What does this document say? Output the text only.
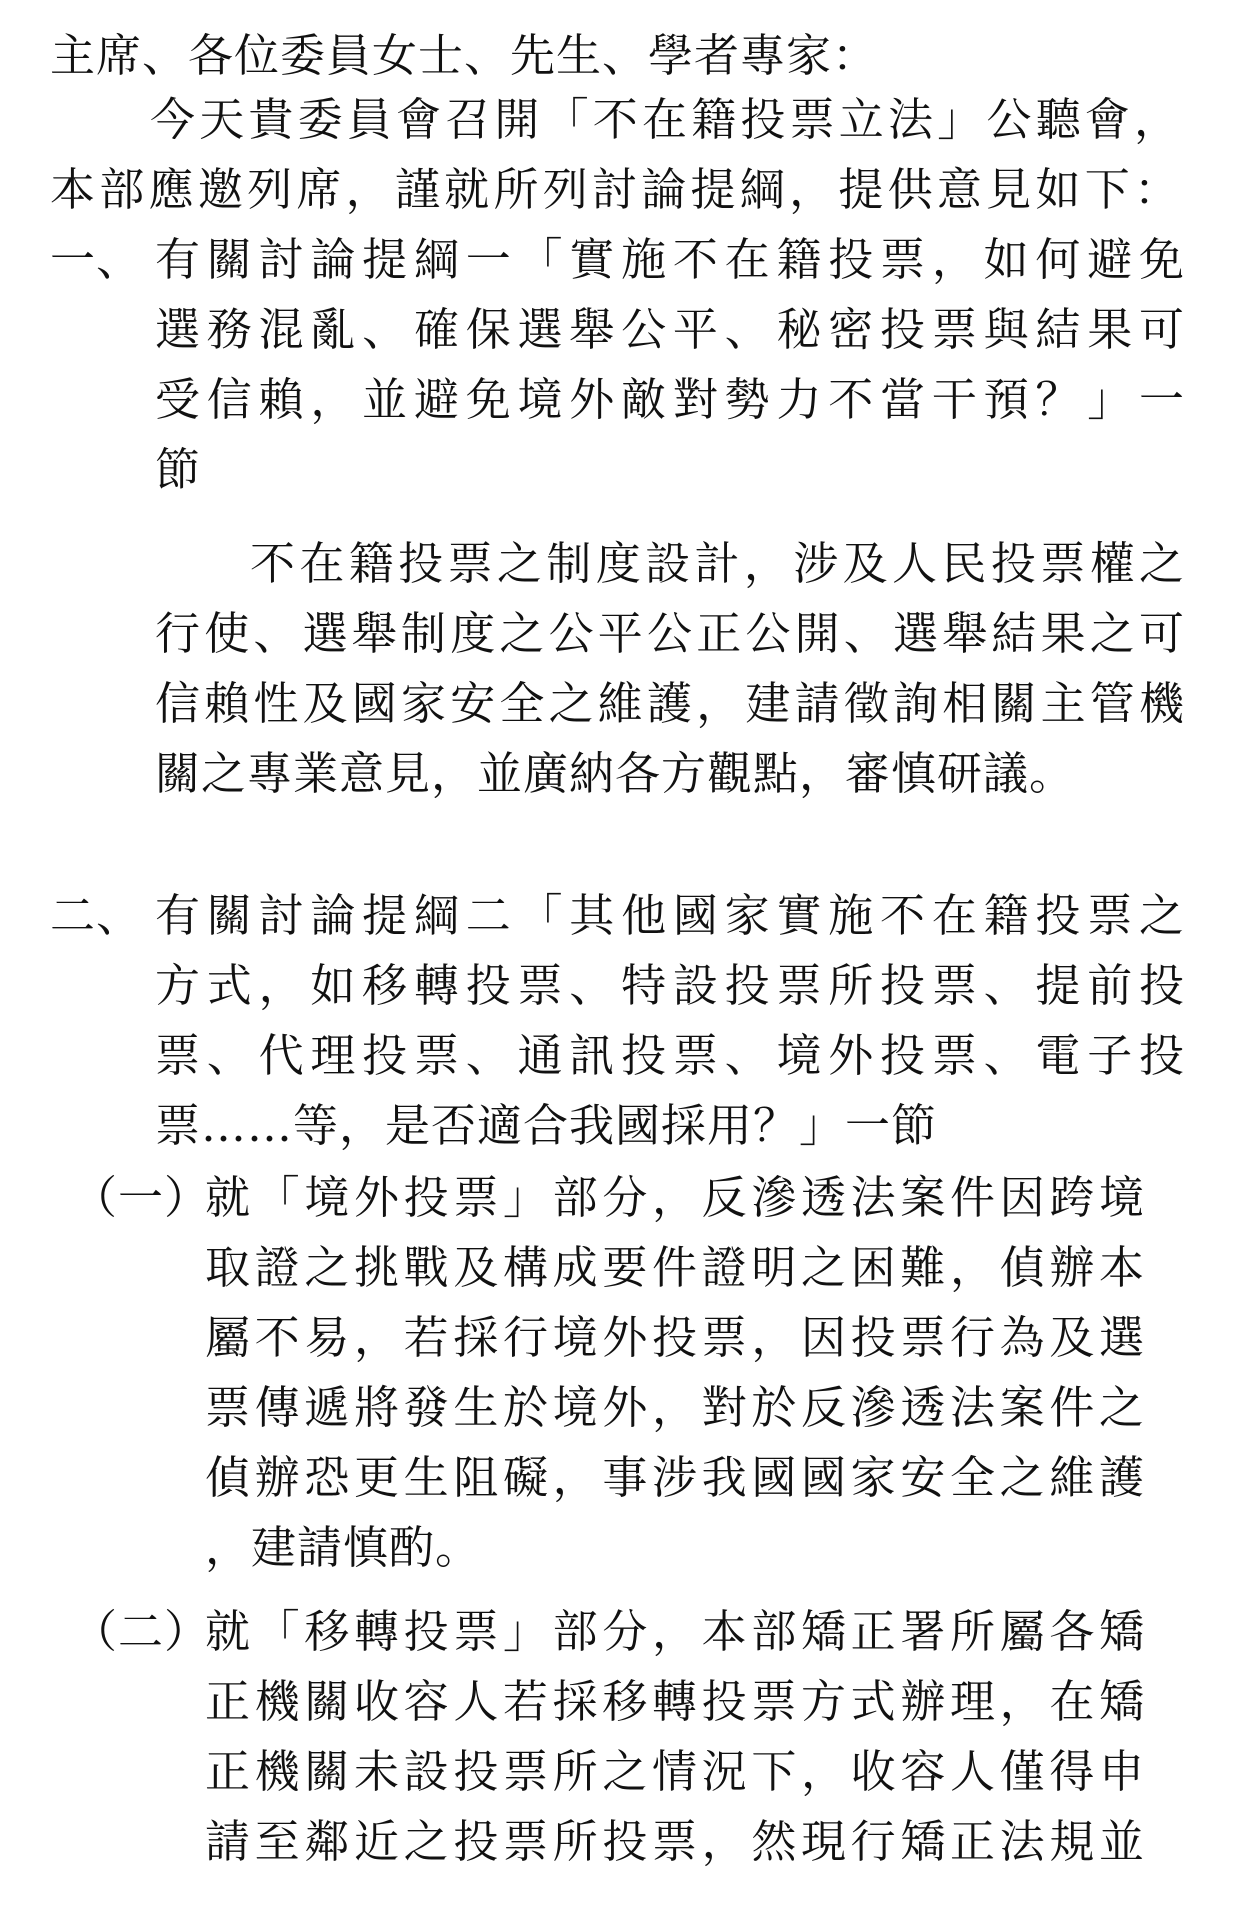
主席、各位委員女士、先生、學者專家：
今天貴委員會召開「不在籍投票立法」公聽會，
本部應邀列席，謹就所列討論提綱，提供意見如下：
一、 有關討論提綱一「實施不在籍投票，如何避免
選務混亂、確保選舉公平、秘密投票與結果可
受信賴，並避免境外敵對勢力不當干預？」一
節
不在籍投票之制度設計，涉及人民投票權之
行使、選舉制度之公平公正公開、選舉結果之可
信賴性及國家安全之維護，建請徵詢相關主管機
關之專業意見，並廣納各方觀點，審慎研議。
二、 有關討論提綱二「其他國家實施不在籍投票之
方式，如移轉投票、特設投票所投票、提前投
票、代理投票、通訊投票、境外投票、電子投
票……等，是否適合我國採用？」一節
（一）
就「境外投票」部分，反滲透法案件因跨境
取證之挑戰及構成要件證明之困難，偵辦本
屬不易，若採行境外投票，因投票行為及選
票傳遞將發生於境外，對於反滲透法案件之
偵辦恐更生阻礙，事涉我國國家安全之維護
，建請慎酌。
（二）
就「移轉投票」部分，本部矯正署所屬各矯
正機關收容人若採移轉投票方式辦理，在矯
正機關未設投票所之情況下，收容人僅得申
請至鄰近之投票所投票，然現行矯正法規並
